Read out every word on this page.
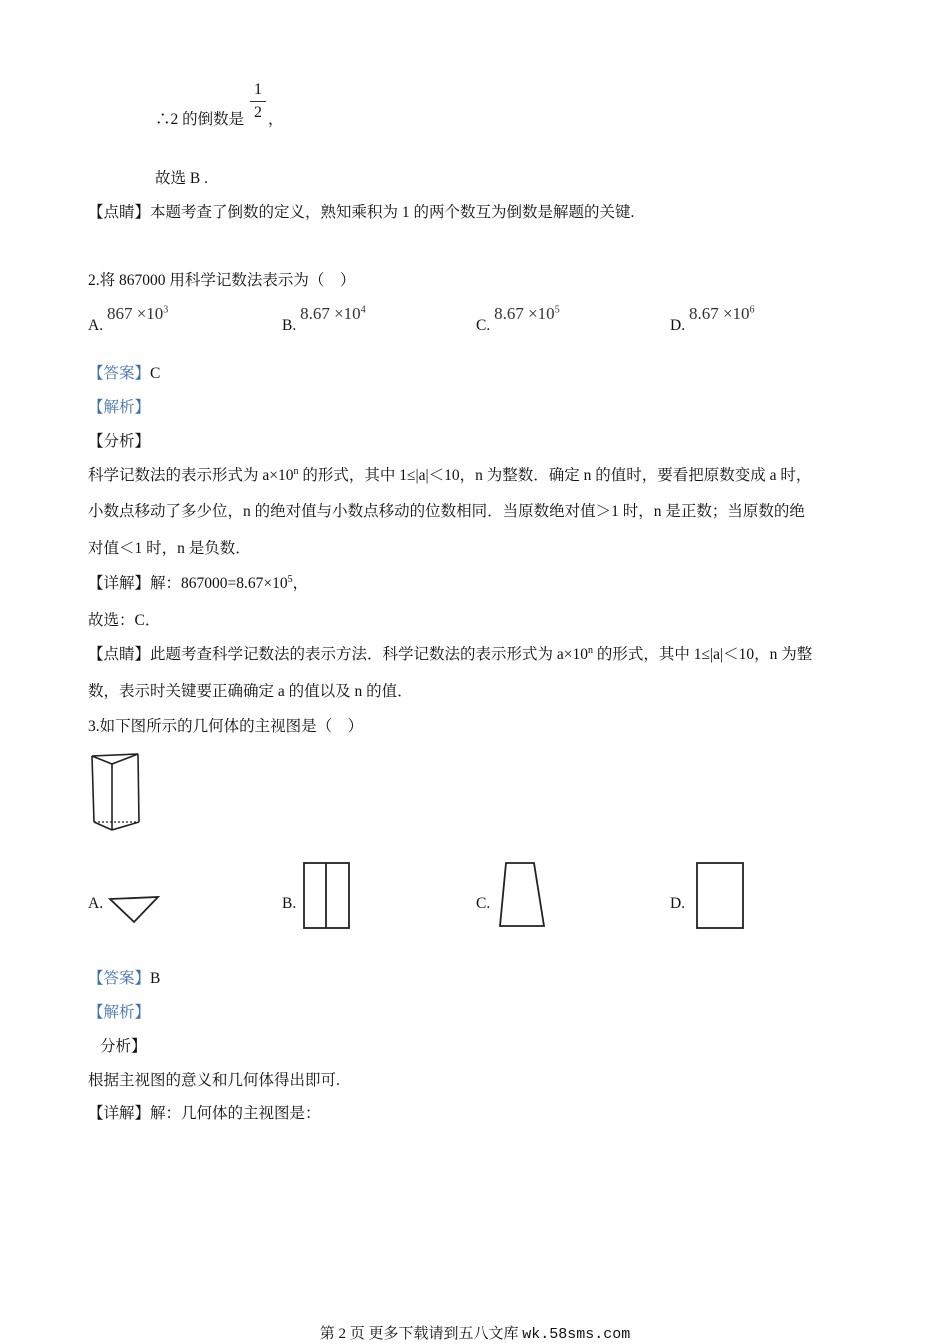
∴2 的倒数是
1
2 ，
故选 B .
【点睛】本题考查了倒数的定义，熟知乘积为 1 的两个数互为倒数是解题的关键.
2.将 867000 用科学记数法表示为（　）
A. $867 \times 10^3$
B. $8.67 \times 10^4$
C. $8.67 \times 10^5$
D. $8.67 \times 10^6$
【答案】C
【解析】
【分析】
科学记数法的表示形式为 $a\times 10^n$ 的形式，其中 1≤|a|＜10，n 为整数．确定 n 的值时，要看把原数变成 a 时，
小数点移动了多少位，n 的绝对值与小数点移动的位数相同．当原数绝对值＞1 时，n 是正数；当原数的绝
对值＜1 时，n 是负数．
【详解】解：$867000=8.67\times 10^5$，
故选：C．
【点睛】此题考查科学记数法的表示方法．科学记数法的表示形式为 $a\times 10^n$ 的形式，其中 1≤|a|＜10，n 为整
数，表示时关键要正确确定 a 的值以及 n 的值．
3.如下图所示的几何体的主视图是（　）
A.	B.	C.	D.
【答案】B
【解析】
分析】
根据主视图的意义和几何体得出即可.
【详解】解：几何体的主视图是：
第 2 页 更多下载请到五八文库 wk.58sms.com
